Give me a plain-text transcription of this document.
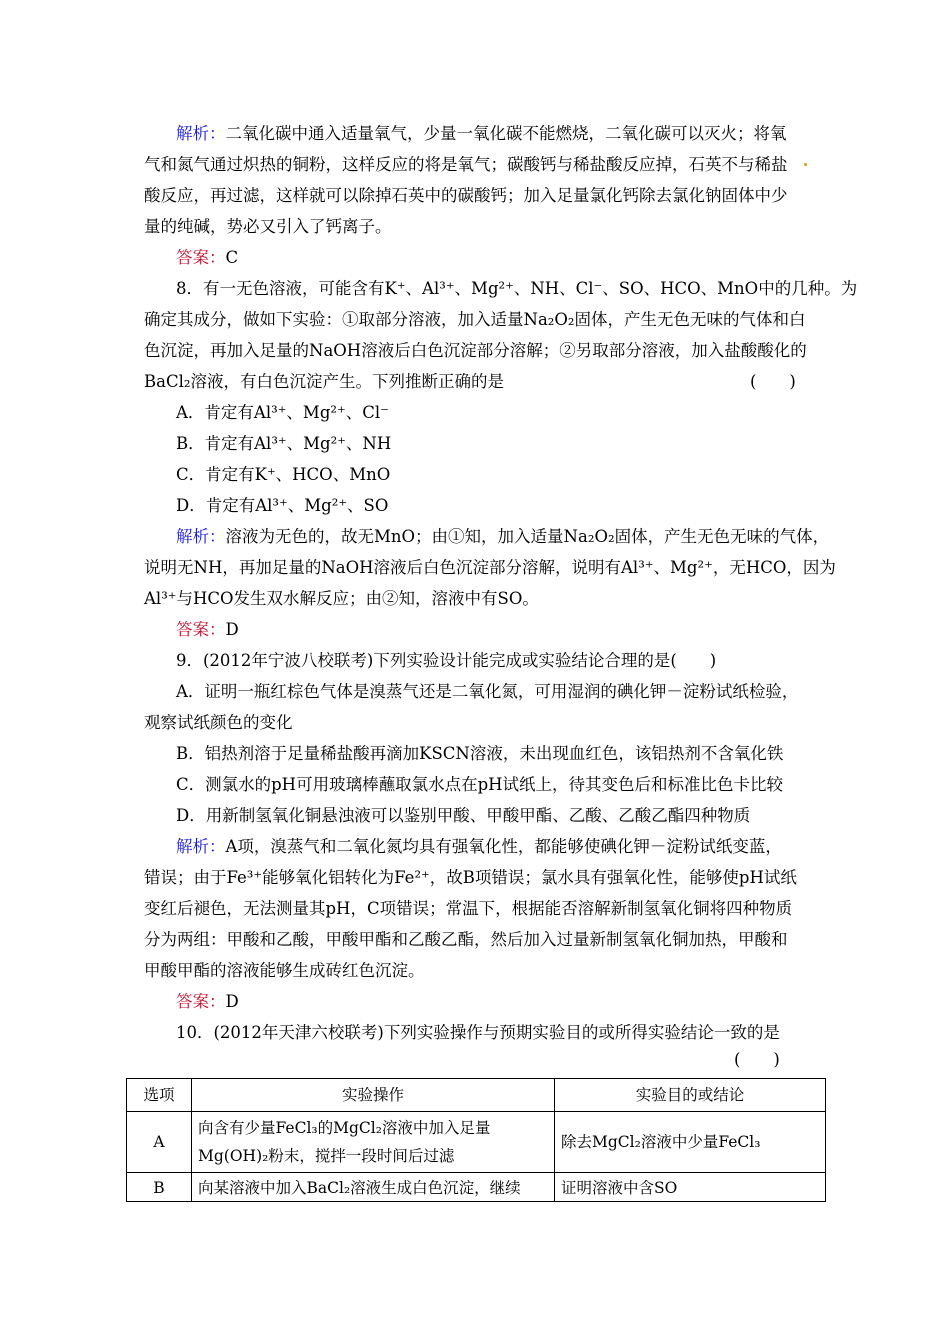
解析：二氧化碳中通入适量氧气，少量一氧化碳不能燃烧，二氧化碳可以灭火；将氧
气和氮气通过炽热的铜粉，这样反应的将是氧气；碳酸钙与稀盐酸反应掉，石英不与稀盐
酸反应，再过滤，这样就可以除掉石英中的碳酸钙；加入足量氯化钙除去氯化钠固体中少
量的纯碱，势必又引入了钙离子。
答案：C
8．有一无色溶液，可能含有K⁺、Al³⁺、Mg²⁺、NH、Cl⁻、SO、HCO、MnO中的几种。为
确定其成分，做如下实验：①取部分溶液，加入适量Na₂O₂固体，产生无色无味的气体和白
色沉淀，再加入足量的NaOH溶液后白色沉淀部分溶解；②另取部分溶液，加入盐酸酸化的
BaCl₂溶液，有白色沉淀产生。下列推断正确的是	(　　)
A．肯定有Al³⁺、Mg²⁺、Cl⁻
B．肯定有Al³⁺、Mg²⁺、NH
C．肯定有K⁺、HCO、MnO
D．肯定有Al³⁺、Mg²⁺、SO
解析：溶液为无色的，故无MnO；由①知，加入适量Na₂O₂固体，产生无色无味的气体，
说明无NH，再加足量的NaOH溶液后白色沉淀部分溶解，说明有Al³⁺、Mg²⁺，无HCO，因为
Al³⁺与HCO发生双水解反应；由②知，溶液中有SO。
答案：D
9．(2012年宁波八校联考)下列实验设计能完成或实验结论合理的是(　　)
A．证明一瓶红棕色气体是溴蒸气还是二氧化氮，可用湿润的碘化钾－淀粉试纸检验，
观察试纸颜色的变化
B．铝热剂溶于足量稀盐酸再滴加KSCN溶液，未出现血红色，该铝热剂不含氧化铁
C．测氯水的pH可用玻璃棒蘸取氯水点在pH试纸上，待其变色后和标准比色卡比较
D．用新制氢氧化铜悬浊液可以鉴别甲酸、甲酸甲酯、乙酸、乙酸乙酯四种物质
解析：A项，溴蒸气和二氧化氮均具有强氧化性，都能够使碘化钾－淀粉试纸变蓝，
错误；由于Fe³⁺能够氧化铝转化为Fe²⁺，故B项错误；氯水具有强氧化性，能够使pH试纸
变红后褪色，无法测量其pH，C项错误；常温下，根据能否溶解新制氢氧化铜将四种物质
分为两组：甲酸和乙酸，甲酸甲酯和乙酸乙酯，然后加入过量新制氢氧化铜加热，甲酸和
甲酸甲酯的溶液能够生成砖红色沉淀。
答案：D
10．(2012年天津六校联考)下列实验操作与预期实验目的或所得实验结论一致的是
(　　)
选项	实验操作	实验目的或结论
A	向含有少量FeCl₃的MgCl₂溶液中加入足量
Mg(OH)₂粉末，搅拌一段时间后过滤	除去MgCl₂溶液中少量FeCl₃
B	向某溶液中加入BaCl₂溶液生成白色沉淀，继续	证明溶液中含SO
